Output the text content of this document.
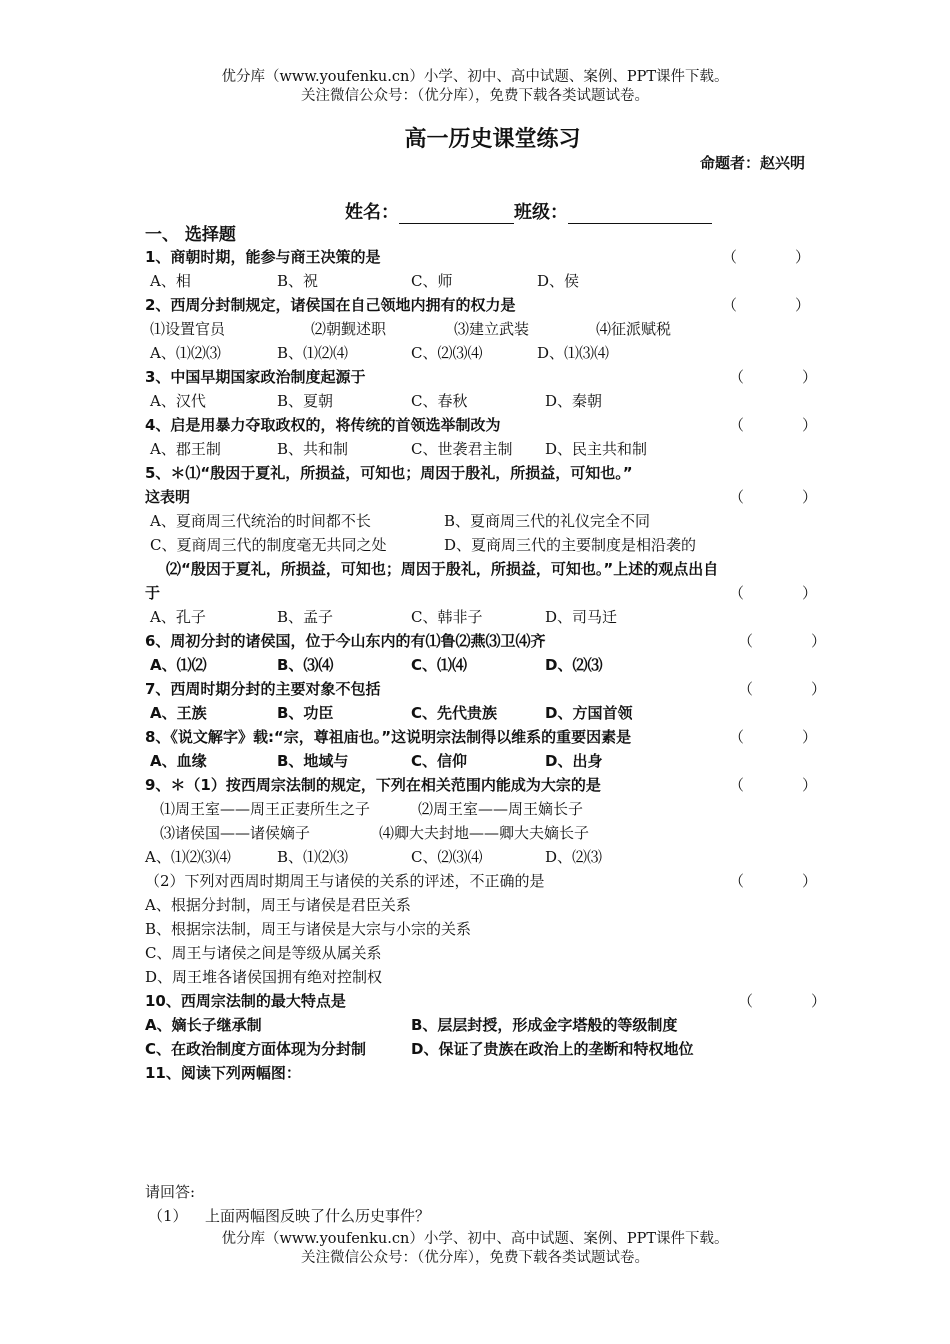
优分库（www.youfenku.cn）小学、初中、高中试题、案例、PPT课件下载。
关注微信公众号：（优分库），免费下载各类试题试卷。
高一历史课堂练习
命题者：赵兴明
姓名：	班级：
一、 选择题
1、商朝时期，能参与商王决策的是	（	）
A、相	B、祝	C、师	D、侯
2、西周分封制规定，诸侯国在自己领地内拥有的权力是	（	）
⑴设置官员	⑵朝觐述职	⑶建立武装	⑷征派赋税
A、⑴⑵⑶	B、⑴⑵⑷	C、⑵⑶⑷	D、⑴⑶⑷
3、中国早期国家政治制度起源于	（	）
A、汉代	B、夏朝	C、春秋	D、秦朝
4、启是用暴力夺取政权的，将传统的首领选举制改为	（	）
A、郡王制	B、共和制	C、世袭君主制 D、民主共和制
5、＊⑴“殷因于夏礼，所损益，可知也；周因于殷礼，所损益，可知也。”
这表明	（	）
A、夏商周三代统治的时间都不长	B、夏商周三代的礼仪完全不同
C、夏商周三代的制度毫无共同之处	D、夏商周三代的主要制度是相沿袭的
⑵“殷因于夏礼，所损益，可知也；周因于殷礼，所损益，可知也。”上述的观点出自
于	（	）
A、孔子	B、孟子	C、韩非子	D、司马迁
6、周初分封的诸侯国，位于今山东内的有⑴鲁⑵燕⑶卫⑷齐	（	）
A、⑴⑵	B、⑶⑷	C、⑴⑷	D、⑵⑶
7、西周时期分封的主要对象不包括	（	）
A、王族	B、功臣	C、先代贵族	D、方国首领
8、《说文解字》载:“宗，尊祖庙也。”这说明宗法制得以维系的重要因素是	（	）
A、血缘	B、地域与	C、信仰	D、出身
9、＊（1）按西周宗法制的规定，下列在相关范围内能成为大宗的是	（	）
⑴周王室——周王正妻所生之子	⑵周王室——周王嫡长子
⑶诸侯国——诸侯嫡子	⑷卿大夫封地——卿大夫嫡长子
A、⑴⑵⑶⑷	B、⑴⑵⑶	C、⑵⑶⑷	D、⑵⑶
（2）下列对西周时期周王与诸侯的关系的评述，不正确的是	（	）
A、根据分封制，周王与诸侯是君臣关系
B、根据宗法制，周王与诸侯是大宗与小宗的关系
C、周王与诸侯之间是等级从属关系
D、周王堆各诸侯国拥有绝对控制权
10、西周宗法制的最大特点是	（	）
A、嫡长子继承制	B、层层封授，形成金字塔般的等级制度
C、在政治制度方面体现为分封制	D、保证了贵族在政治上的垄断和特权地位
11、阅读下列两幅图：
请回答:
（1） 上面两幅图反映了什么历史事件？
优分库（www.youfenku.cn）小学、初中、高中试题、案例、PPT课件下载。
关注微信公众号：（优分库），免费下载各类试题试卷。
